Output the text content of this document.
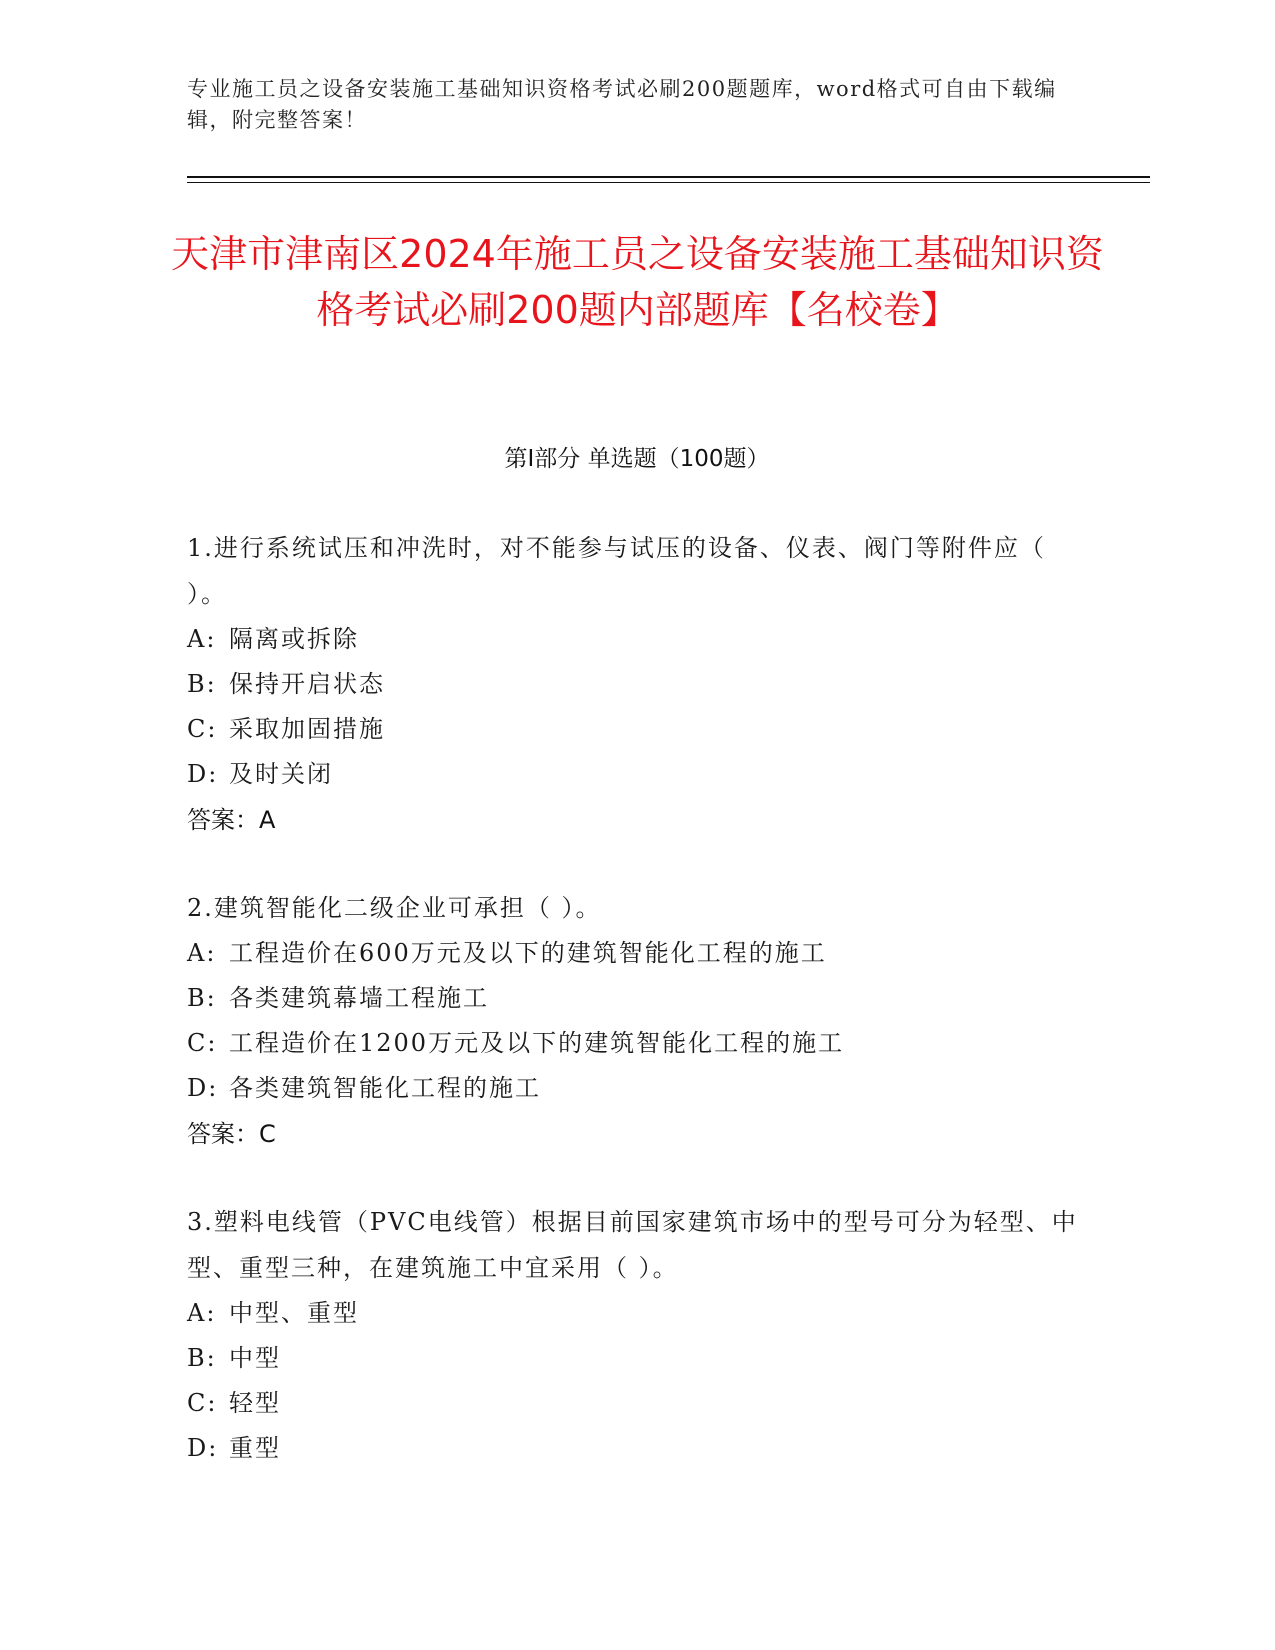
专业施工员之设备安装施工基础知识资格考试必刷200题题库，word格式可自由下载编辑，附完整答案！
天津市津南区2024年施工员之设备安装施工基础知识资格考试必刷200题内部题库【名校卷】
第Ⅰ部分 单选题（100题）
1.进行系统试压和冲洗时，对不能参与试压的设备、仪表、阀门等附件应（ ）。
A: 隔离或拆除
B: 保持开启状态
C: 采取加固措施
D: 及时关闭
答案：A
2.建筑智能化二级企业可承担（ ）。
A: 工程造价在600万元及以下的建筑智能化工程的施工
B: 各类建筑幕墙工程施工
C: 工程造价在1200万元及以下的建筑智能化工程的施工
D: 各类建筑智能化工程的施工
答案：C
3.塑料电线管（PVC电线管）根据目前国家建筑市场中的型号可分为轻型、中型、重型三种，在建筑施工中宜采用（ ）。
A: 中型、重型
B: 中型
C: 轻型
D: 重型
